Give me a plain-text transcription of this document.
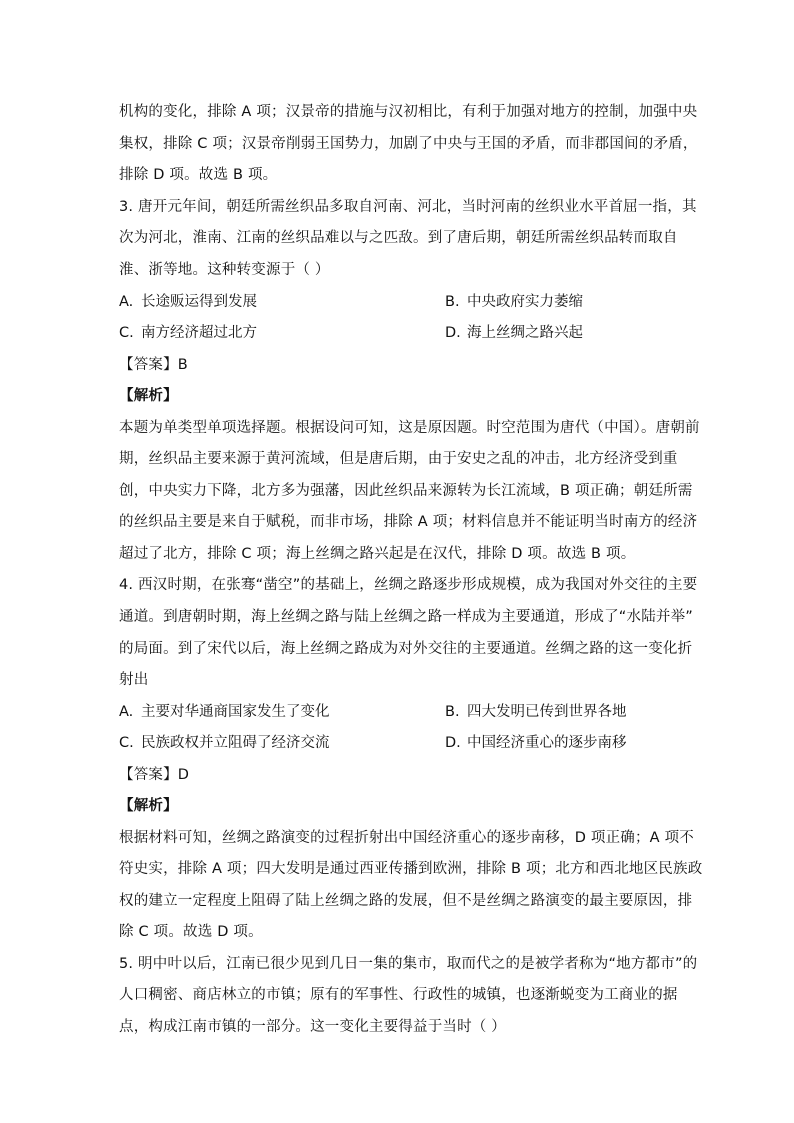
机构的变化，排除 A 项；汉景帝的措施与汉初相比，有利于加强对地方的控制，加强中央
集权，排除 C 项；汉景帝削弱王国势力，加剧了中央与王国的矛盾，而非郡国间的矛盾，
排除 D 项。故选 B 项。
3. 唐开元年间，朝廷所需丝织品多取自河南、河北，当时河南的丝织业水平首屈一指，其
次为河北，淮南、江南的丝织品难以与之匹敌。到了唐后期，朝廷所需丝织品转而取自
淮、浙等地。这种转变源于（ ）
A. 长途贩运得到发展	B. 中央政府实力萎缩
C. 南方经济超过北方	D. 海上丝绸之路兴起
【答案】B
【解析】
本题为单类型单项选择题。根据设问可知，这是原因题。时空范围为唐代（中国）。唐朝前
期，丝织品主要来源于黄河流域，但是唐后期，由于安史之乱的冲击，北方经济受到重
创，中央实力下降，北方多为强藩，因此丝织品来源转为长江流域，B 项正确；朝廷所需
的丝织品主要是来自于赋税，而非市场，排除 A 项；材料信息并不能证明当时南方的经济
超过了北方，排除 C 项；海上丝绸之路兴起是在汉代，排除 D 项。故选 B 项。
4. 西汉时期，在张骞“凿空”的基础上，丝绸之路逐步形成规模，成为我国对外交往的主要
通道。到唐朝时期，海上丝绸之路与陆上丝绸之路一样成为主要通道，形成了“水陆并举”
的局面。到了宋代以后，海上丝绸之路成为对外交往的主要通道。丝绸之路的这一变化折
射出
A. 主要对华通商国家发生了变化	B. 四大发明已传到世界各地
C. 民族政权并立阻碍了经济交流	D. 中国经济重心的逐步南移
【答案】D
【解析】
根据材料可知，丝绸之路演变的过程折射出中国经济重心的逐步南移，D 项正确；A 项不
符史实，排除 A 项；四大发明是通过西亚传播到欧洲，排除 B 项；北方和西北地区民族政
权的建立一定程度上阻碍了陆上丝绸之路的发展，但不是丝绸之路演变的最主要原因，排
除 C 项。故选 D 项。
5. 明中叶以后，江南已很少见到几日一集的集市，取而代之的是被学者称为“地方都市”的
人口稠密、商店林立的市镇；原有的军事性、行政性的城镇，也逐渐蜕变为工商业的据
点，构成江南市镇的一部分。这一变化主要得益于当时（ ）
